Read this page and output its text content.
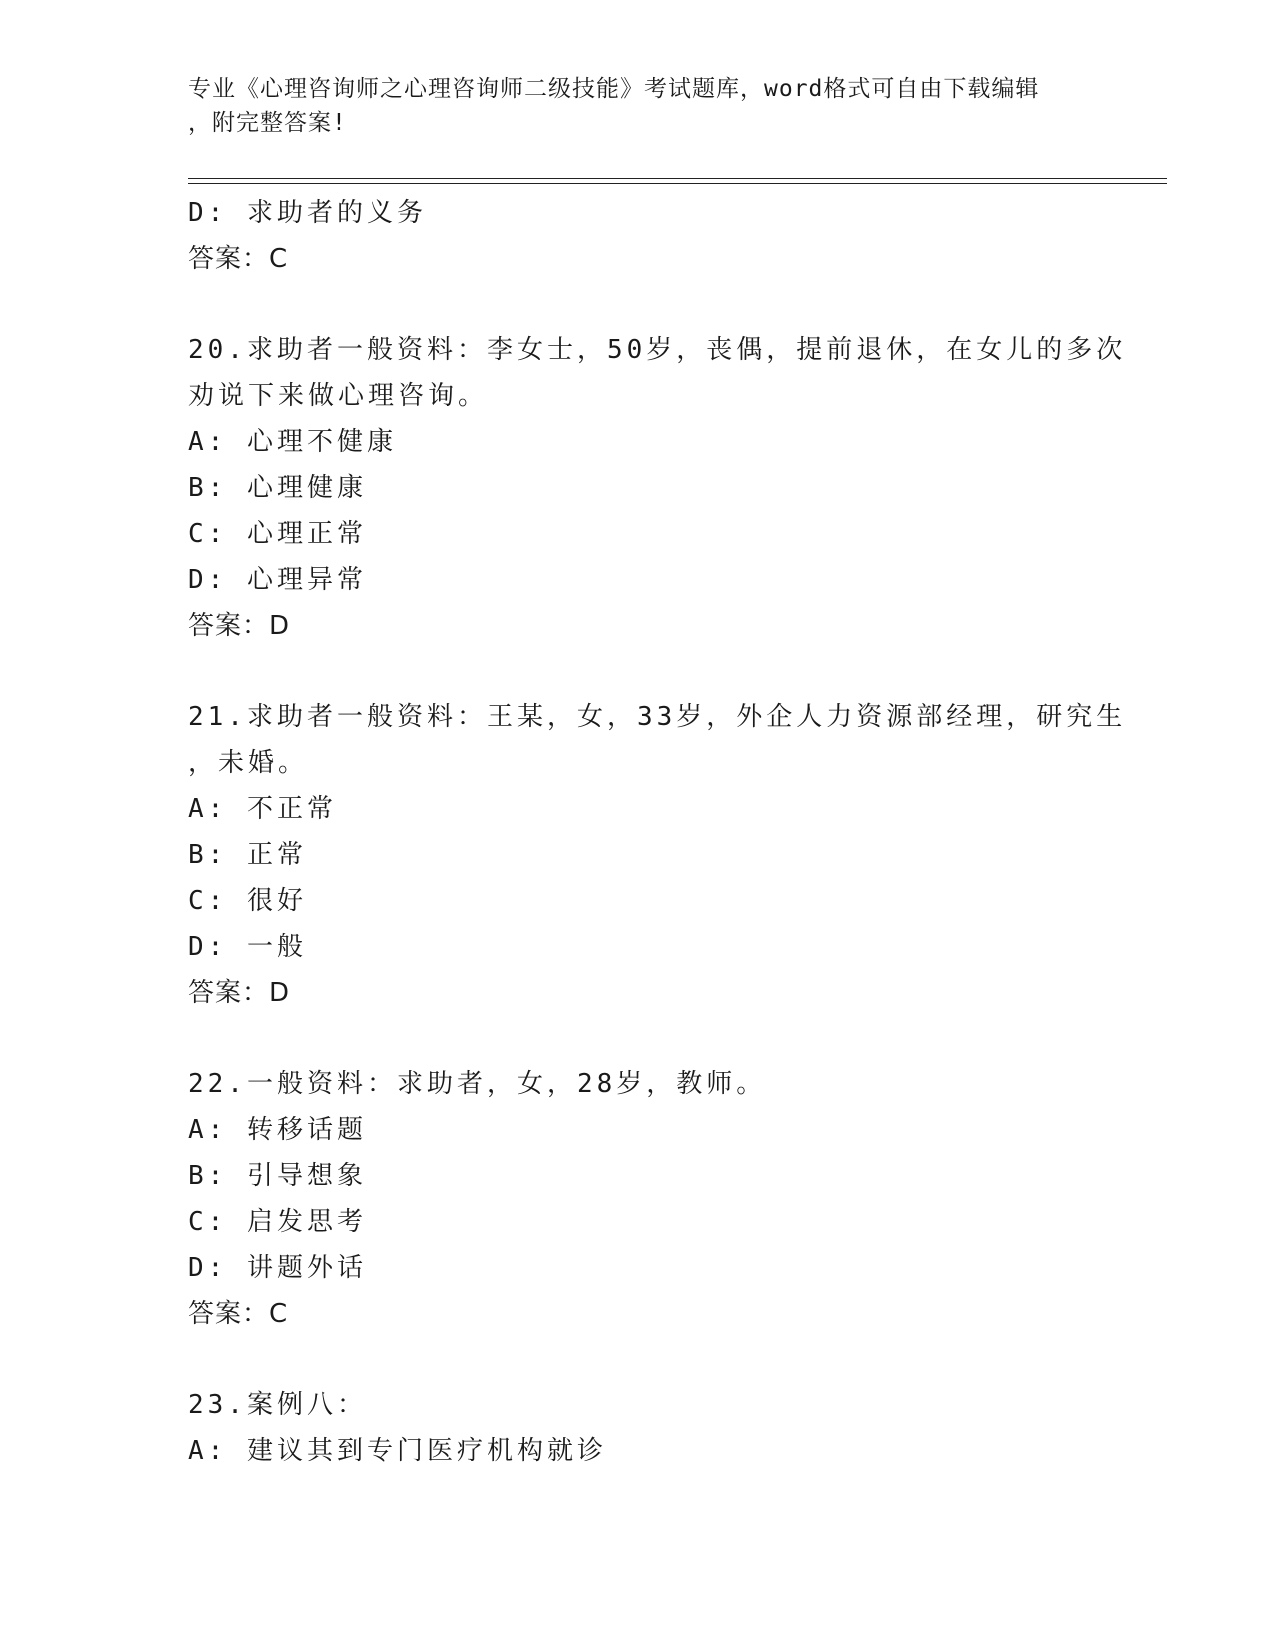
专业《心理咨询师之心理咨询师二级技能》考试题库，word格式可自由下载编辑
，附完整答案!
D: 求助者的义务
答案：C
20.求助者一般资料：李女士，50岁，丧偶，提前退休，在女儿的多次
劝说下来做心理咨询。
A: 心理不健康
B: 心理健康
C: 心理正常
D: 心理异常
答案：D
21.求助者一般资料：王某，女，33岁，外企人力资源部经理，研究生
，未婚。
A: 不正常
B: 正常
C: 很好
D: 一般
答案：D
22.一般资料：求助者，女，28岁，教师。
A: 转移话题
B: 引导想象
C: 启发思考
D: 讲题外话
答案：C
23.案例八：
A: 建议其到专门医疗机构就诊
